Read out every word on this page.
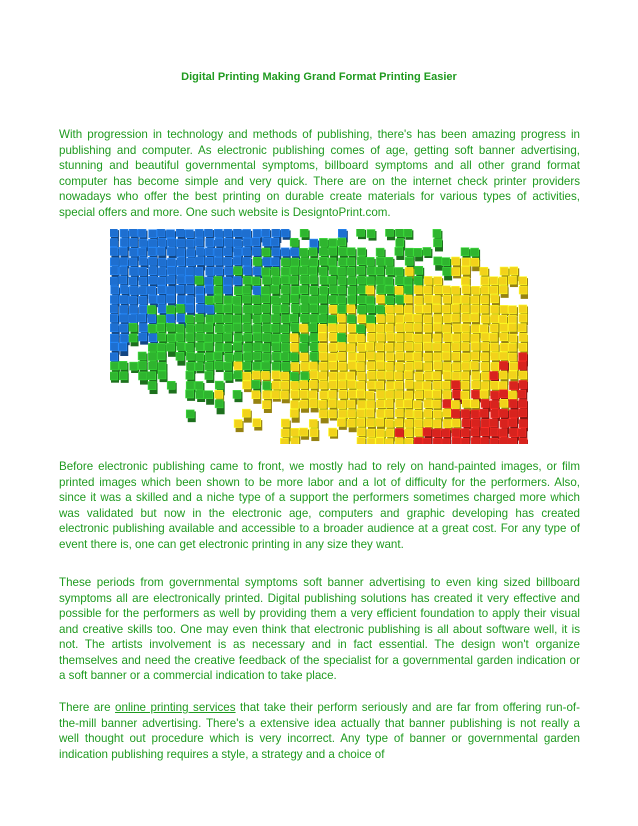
Digital Printing Making Grand Format Printing Easier

With progression in technology and methods of publishing, there's has been amazing progress in publishing and computer. As electronic publishing comes of age, getting soft banner advertising, stunning and beautiful governmental symptoms, billboard symptoms and all other grand format computer has become simple and very quick. There are on the internet check printer providers nowadays who offer the best printing on durable create materials for various types of activities, special offers and more. One such website is DesigntoPrint.com.

Before electronic publishing came to front, we mostly had to rely on hand-painted images, or film printed images which been shown to be more labor and a lot of difficulty for the performers. Also, since it was a skilled and a niche type of a support the performers sometimes charged more which was validated but now in the electronic age, computers and graphic developing has created electronic publishing available and accessible to a broader audience at a great cost. For any type of event there is, one can get electronic printing in any size they want.

These periods from governmental symptoms soft banner advertising to even king sized billboard symptoms all are electronically printed. Digital publishing solutions has created it very effective and possible for the performers as well by providing them a very efficient foundation to apply their visual and creative skills too. One may even think that electronic publishing is all about software well, it is not. The artists involvement is as necessary and in fact essential. The design won't organize themselves and need the creative feedback of the specialist for a governmental garden indication or a soft banner or a commercial indication to take place.

There are online printing services that take their perform seriously and are far from offering run-of-the-mill banner advertising. There's a extensive idea actually that banner publishing is not really a well thought out procedure which is very incorrect. Any type of banner or governmental garden indication publishing requires a style, a strategy and a choice of
